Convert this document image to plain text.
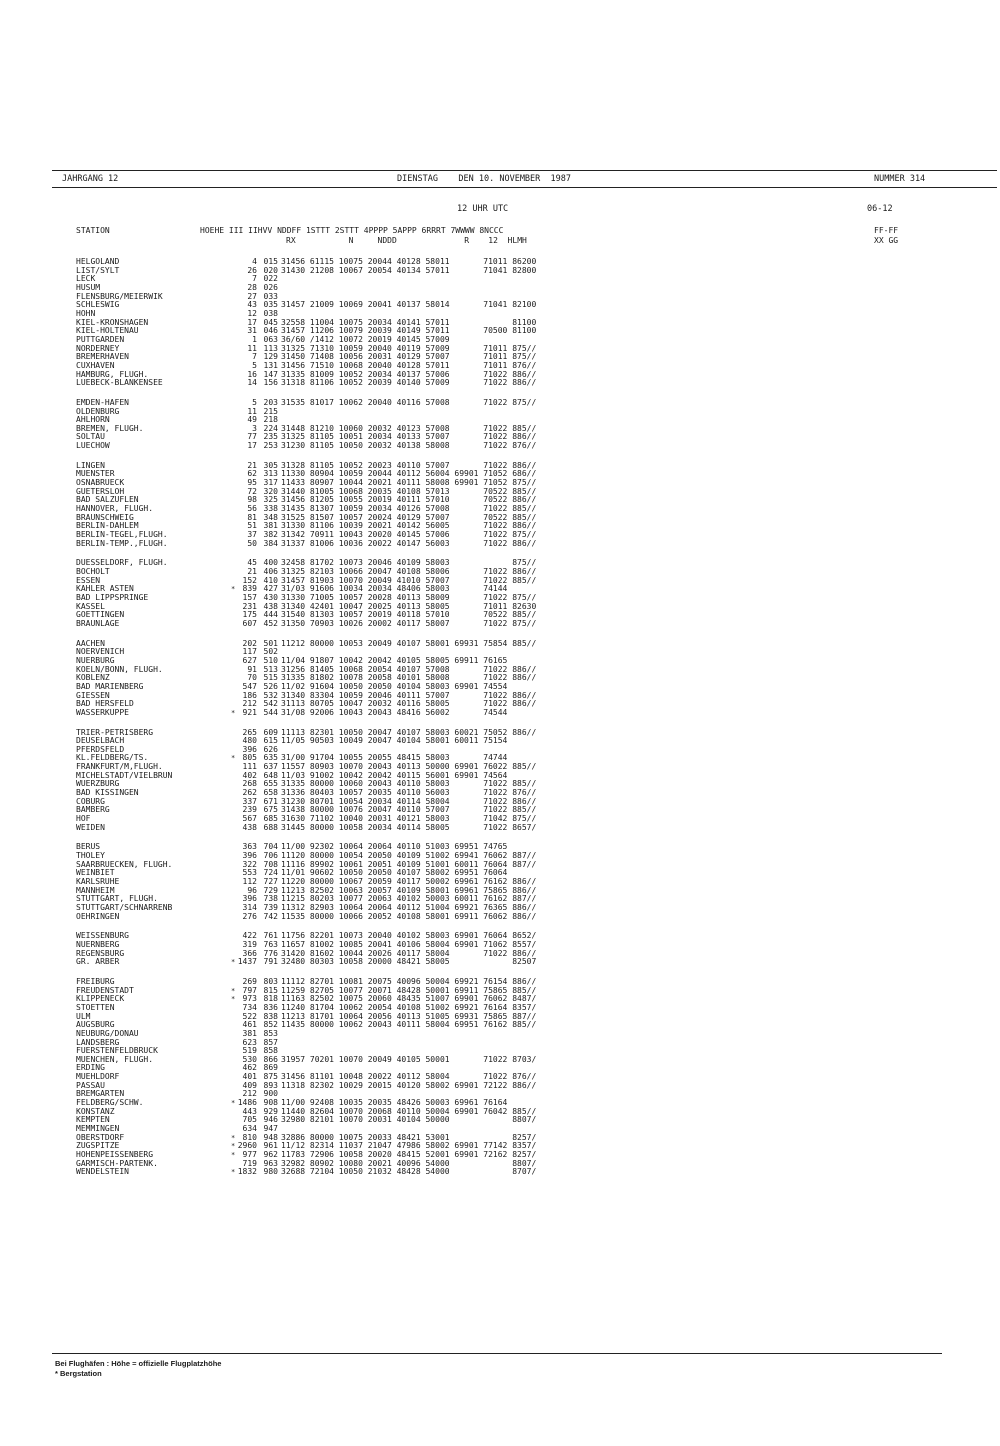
JAHRGANG 12	DIENSTAG    DEN 10. NOVEMBER  1987	NUMMER 314
12 UHR UTC	06-12
STATION	HOEHE III IIHVV NDDFF 1STTT 2STTT 4PPPP 5APPP 6RRRT 7WWWW 8NCCC
RX           N     NDDD              R    12  HLMH
FF-FF
XX GG
HELGOLAND	4 015 31456 61115 10075 20044 40128 58011       71011 86200
LIST/SYLT	26 020 31430 21208 10067 20054 40134 57011       71041 82800
LECK	7 022
HUSUM	28 026
FLENSBURG/MEIERWIK	27 033
SCHLESWIG	43 035 31457 21009 10069 20041 40137 58014       71041 82100
HOHN	12 038
KIEL-KRONSHAGEN	17 045 32558 11004 10075 20034 40141 57011             81100
KIEL-HOLTENAU	31 046 31457 11206 10079 20039 40149 57011       70500 81100
PUTTGARDEN	1 063 36/60 /1412 10072 20019 40145 57009
NORDERNEY	11 113 31325 71310 10059 20040 40119 57009       71011 875//
BREMERHAVEN	7 129 31450 71408 10056 20031 40129 57007       71011 875//
CUXHAVEN	5 131 31456 71510 10068 20040 40128 57011       71011 876//
HAMBURG, FLUGH.	16 147 31335 81009 10052 20034 40137 57006       71022 886//
LUEBECK-BLANKENSEE	14 156 31318 81106 10052 20039 40140 57009       71022 886//
EMDEN-HAFEN	5 203 31535 81017 10062 20040 40116 57008       71022 875//
OLDENBURG	11 215
AHLHORN	49 218
BREMEN, FLUGH.	3 224 31448 81210 10060 20032 40123 57008       71022 885//
SOLTAU	77 235 31325 81105 10051 20034 40133 57007       71022 886//
LUECHOW	17 253 31230 81105 10050 20032 40138 58008       71022 876//
LINGEN	21 305 31328 81105 10052 20023 40110 57007       71022 886//
MUENSTER	62 313 11330 80904 10059 20044 40112 56004 69901 71052 686//
OSNABRUECK	95 317 11433 80907 10044 20021 40111 58008 69901 71052 875//
GUETERSLOH	72 320 31440 81005 10068 20035 40108 57013       70522 885//
BAD SALZUFLEN	98 325 31456 81205 10055 20019 40111 57010       70522 886//
HANNOVER, FLUGH.	56 338 31435 81307 10059 20034 40126 57008       71022 885//
BRAUNSCHWEIG	81 348 31525 81507 10057 20024 40129 57007       70522 885//
BERLIN-DAHLEM	51 381 31330 81106 10039 20021 40142 56005       71022 886//
BERLIN-TEGEL,FLUGH.	37 382 31342 70911 10043 20020 40145 57006       71022 875//
BERLIN-TEMP.,FLUGH.	50 384 31337 81006 10036 20022 40147 56003       71022 886//
DUESSELDORF, FLUGH.	45 400 32458 81702 10073 20046 40109 58003             875//
BOCHOLT	21 406 31325 82103 10066 20047 40108 58006       71022 886//
ESSEN	152 410 31457 81903 10070 20049 41010 57007       71022 885//
KAHLER ASTEN	839 427 31/03 91606 10034 20034 48406 58003       74144
*
BAD LIPPSPRINGE	157 430 31330 71005 10057 20028 40113 58009       71022 875//
KASSEL	231 438 31340 42401 10047 20025 40113 58005       71011 82630
GOETTINGEN	175 444 31540 81303 10057 20019 40118 57010       70522 885//
BRAUNLAGE	607 452 31350 70903 10026 20002 40117 58007       71022 875//
AACHEN	202 501 11212 80000 10053 20049 40107 58001 69931 75854 885//
NOERVENICH	117 502
NUERBURG	627 510 11/04 91807 10042 20042 40105 58005 69911 76165
KOELN/BONN, FLUGH.	91 513 31256 81405 10068 20054 40107 57008       71022 886//
KOBLENZ	70 515 31335 81802 10078 20058 40101 58008       71022 886//
BAD MARIENBERG	547 526 11/02 91604 10050 20050 40104 58003 69901 74554
GIESSEN	186 532 31340 83304 10059 20046 40111 57007       71022 886//
BAD HERSFELD	212 542 31113 80705 10047 20032 40116 58005       71022 886//
WASSERKUPPE	921 544 31/08 92006 10043 20043 48416 56002       74544
*
TRIER-PETRISBERG	265 609 11113 82301 10050 20047 40107 58003 60021 75052 886//
DEUSELBACH	480 615 11/05 90503 10049 20047 40104 58001 60011 75154
PFERDSFELD	396 626
KL.FELDBERG/TS.	805 635 31/00 91704 10055 20055 48415 58003       74744
*
FRANKFURT/M,FLUGH.	111 637 11557 80903 10070 20043 40113 50000 69901 76022 885//
MICHELSTADT/VIELBRUN	402 648 11/03 91002 10042 20042 40115 56001 69901 74564
WUERZBURG	268 655 31335 80000 10060 20043 40110 58003       71022 885//
BAD KISSINGEN	262 658 31336 80403 10057 20035 40110 56003       71022 876//
COBURG	337 671 31230 80701 10054 20034 40114 58004       71022 886//
BAMBERG	239 675 31438 80000 10076 20047 40110 57007       71022 885//
HOF	567 685 31630 71102 10040 20031 40121 58003       71042 875//
WEIDEN	438 688 31445 80000 10058 20034 40114 58005       71022 8657/
BERUS	363 704 11/00 92302 10064 20064 40110 51003 69951 74765
THOLEY	396 706 11120 80000 10054 20050 40109 51002 69941 76062 887//
SAARBRUECKEN, FLUGH.	322 708 11116 89902 10061 20051 40109 51001 60011 76064 887//
WEINBIET	553 724 11/01 90602 10050 20050 40107 58002 69951 76064
KARLSRUHE	112 727 11220 80000 10067 20059 40117 50002 69961 76162 886//
MANNHEIM	96 729 11213 82502 10063 20057 40109 58001 69961 75865 886//
STUTTGART, FLUGH.	396 738 11215 80203 10077 20063 40102 50003 60011 76162 887//
STUTTGART/SCHNARRENB	314 739 11312 82903 10064 20064 40112 51004 69921 76365 886//
OEHRINGEN	276 742 11535 80000 10066 20052 40108 58001 69911 76062 886//
WEISSENBURG	422 761 11756 82201 10073 20040 40102 58003 69901 76064 8652/
NUERNBERG	319 763 11657 81002 10085 20041 40106 58004 69901 71062 8557/
REGENSBURG	366 776 31420 81602 10044 20026 40117 58004       71022 886//
GR. ARBER	1437 791 32480 80303 10058 20000 48421 58005             82507
*
FREIBURG	269 803 11112 82701 10081 20075 40096 50004 69921 76154 886//
FREUDENSTADT	797 815 11259 82705 10077 20071 48428 50001 69911 75865 885//
*
KLIPPENECK	973 818 11163 82502 10075 20060 48435 51007 69901 76062 8487/
*
STOETTEN	734 836 11240 81704 10062 20054 40108 51002 69921 76164 8357/
ULM	522 838 11213 81701 10064 20056 40113 51005 69931 75865 887//
AUGSBURG	461 852 11435 80000 10062 20043 40111 58004 69951 76162 885//
NEUBURG/DONAU	381 853
LANDSBERG	623 857
FUERSTENFELDBRUCK	519 858
MUENCHEN, FLUGH.	530 866 31957 70201 10070 20049 40105 50001       71022 8703/
ERDING	462 869
MUEHLDORF	401 875 31456 81101 10048 20022 40112 58004       71022 876//
PASSAU	409 893 11318 82302 10029 20015 40120 58002 69901 72122 886//
BREMGARTEN	212 900
FELDBERG/SCHW.	1486 908 11/00 92408 10035 20035 48426 50003 69961 76164
*
KONSTANZ	443 929 11440 82604 10070 20068 40110 50004 69901 76042 885//
KEMPTEN	705 946 32980 82101 10070 20031 40104 50000             8807/
MEMMINGEN	634 947
OBERSTDORF	810 948 32886 80000 10075 20033 48421 53001             8257/
*
ZUGSPITZE	2960 961 11/12 82314 11037 21047 47986 58002 69901 77142 8357/
*
HOHENPEISSENBERG	977 962 11783 72906 10058 20020 48415 52001 69901 72162 8257/
*
GARMISCH-PARTENK.	719 963 32982 80902 10080 20021 40096 54000             8807/
WENDELSTEIN	1832 980 32688 72104 10050 21032 48428 54000             8707/
*
Bei Flughäfen : Höhe = offizielle Flugplatzhöhe
* Bergstation
